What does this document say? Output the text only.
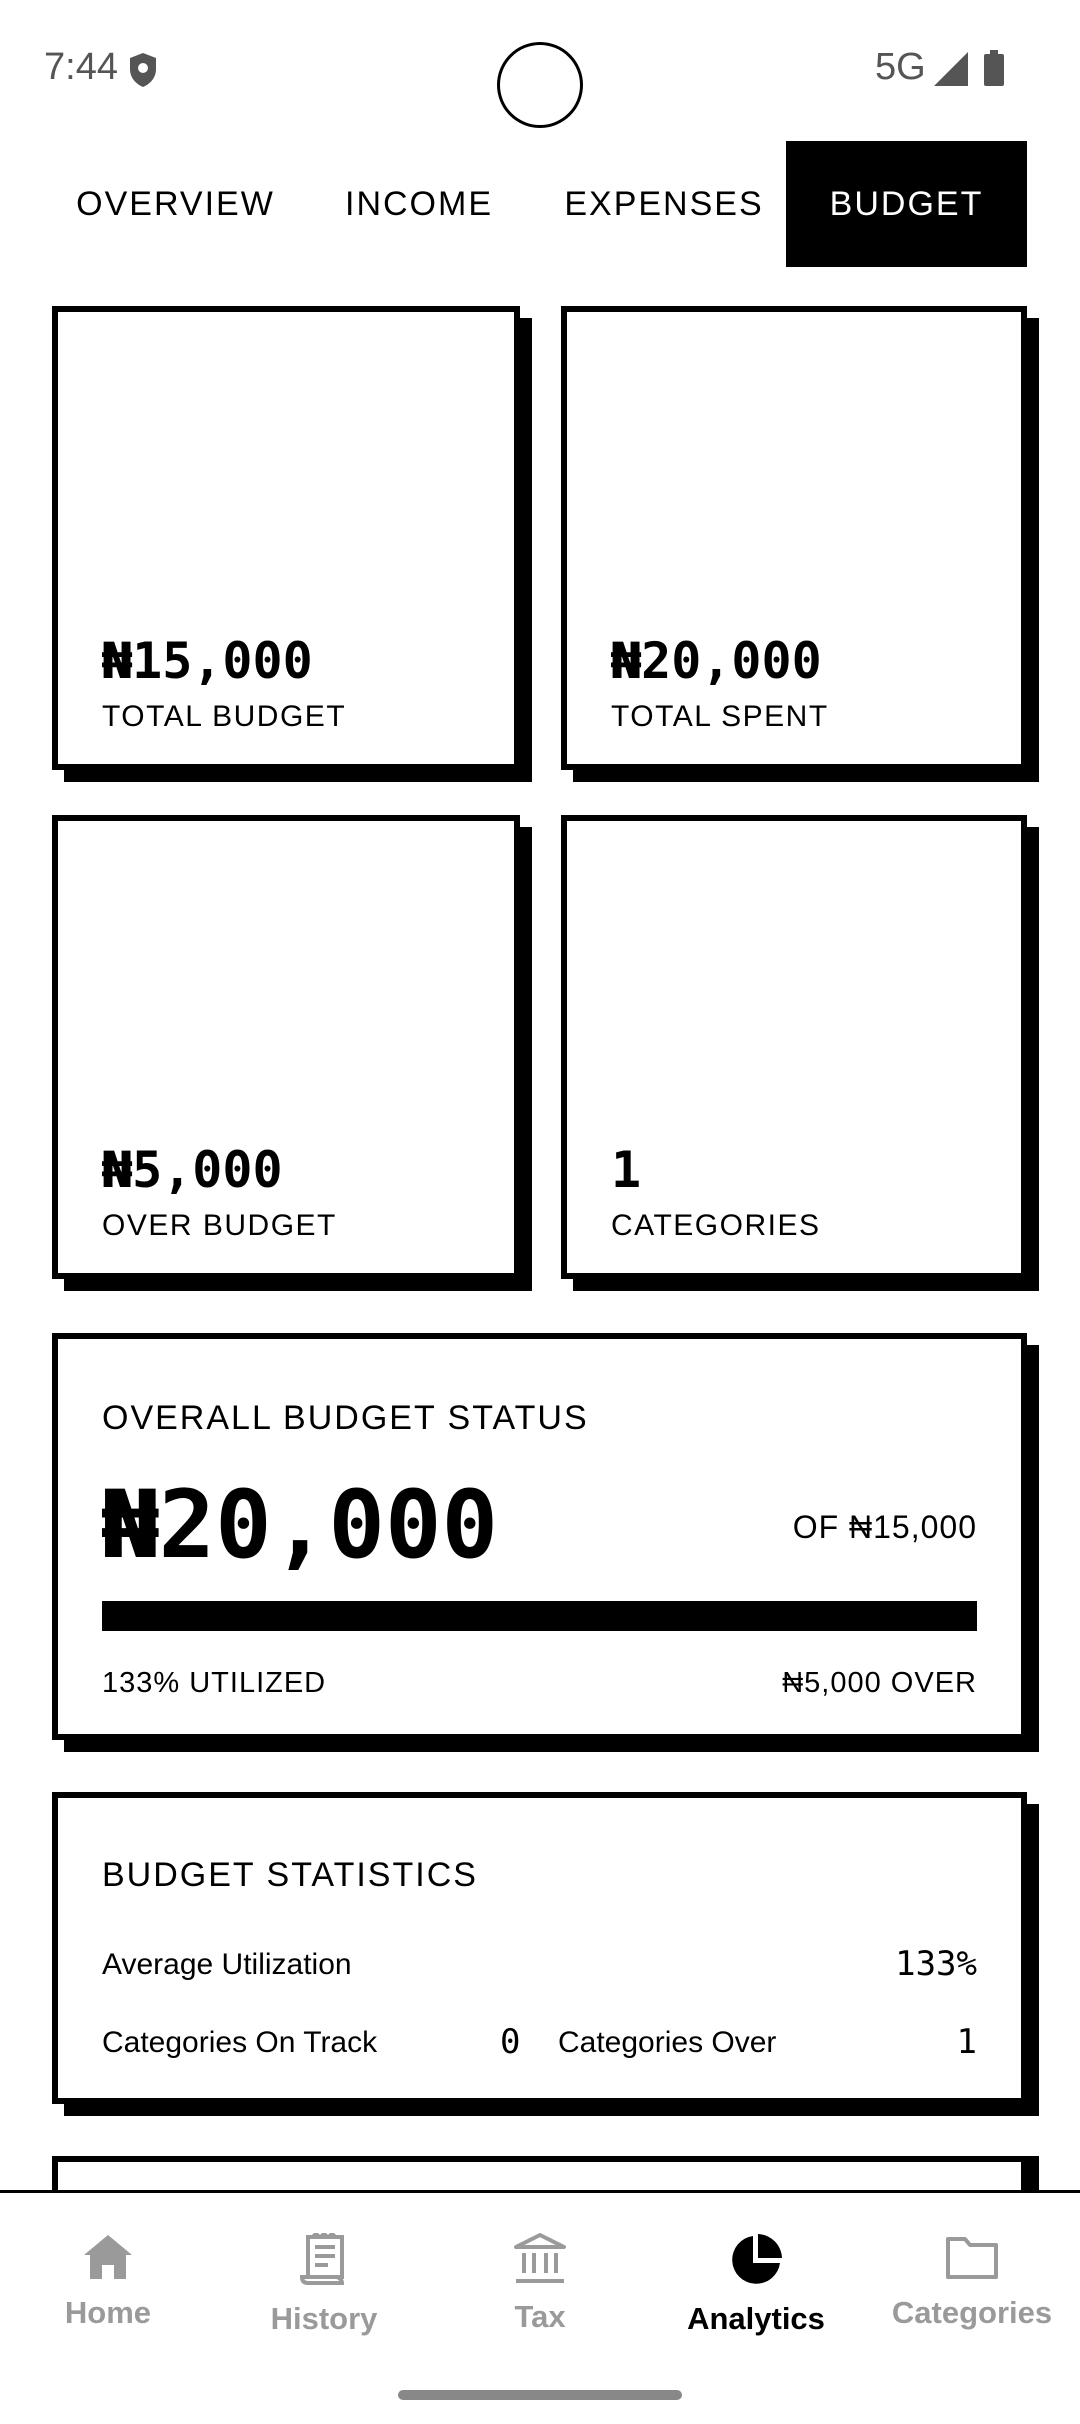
7:44	5G
OVERVIEW	INCOME	EXPENSES	BUDGET
₦15,000
TOTAL BUDGET
₦20,000
TOTAL SPENT
₦5,000
OVER BUDGET
1
CATEGORIES
OVERALL BUDGET STATUS
₦20,000	OF ₦15,000
133% UTILIZED	₦5,000 OVER
BUDGET STATISTICS
Average Utilization	133%
Categories On Track	0 Categories Over	1
Home	History	Tax	Analytics Categories
